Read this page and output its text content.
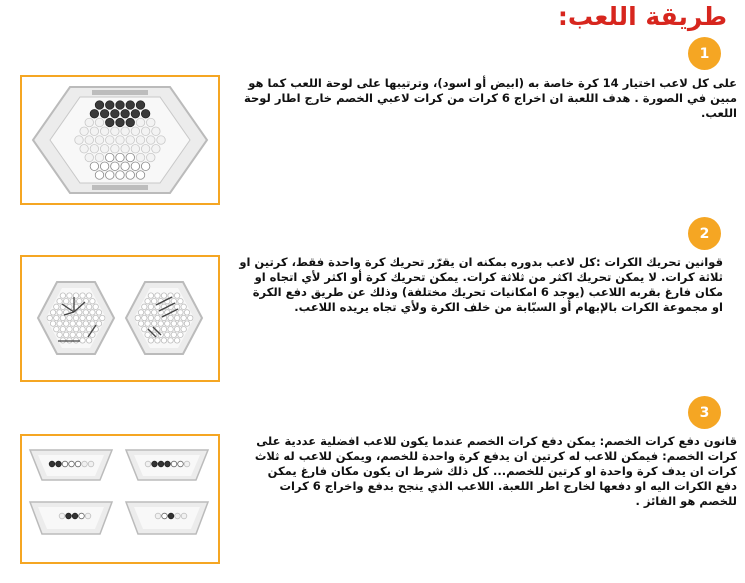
طريقة اللعب:
1

على كل لاعب اختيار 14 كرة خاصة به (ابيض أو اسود)، وترتيبها على لوحة اللعب كما هو مبين في الصورة . هدف اللعبة ان اخراج 6 كرات من كرات لاعبي الخصم خارج اطار لوحة اللعب.

2

قوانين تحريك الكرات :كل لاعب بدوره بمكنه ان يقرّر تحريك كرة واحدة فقط، كرتين او ثلاثة كرات. لا يمكن تحريك اكثر من ثلاثة كرات. يمكن تحريك كرة أو اكثر لأي اتجاه او مكان فارغ بقربه اللاعب (يوجد 6 امكانيات تحريك مختلفة) وذلك عن طريق دفع الكرة او مجموعة الكرات بالإبهام أو السبّابة من خلف الكرة ولأي تجاه يريده اللاعب.

3

قانون دفع كرات الخصم: يمكن دفع كرات الخصم عندما يكون للاعب افضلية عددية على كرات الخصم: فيمكن للاعب له كرتين ان يدفع كرة واحدة للخصم، ويمكن للاعب له ثلاث كرات ان يدف كرة واحدة او كرتين للخصم... كل ذلك شرط ان يكون مكان فارغ يمكن دفع الكرات اليه او دفعها لخارج اطر اللعبة. اللاعب الذي ينجح بدفع واخراج 6 كرات للخصم هو الفائز .
